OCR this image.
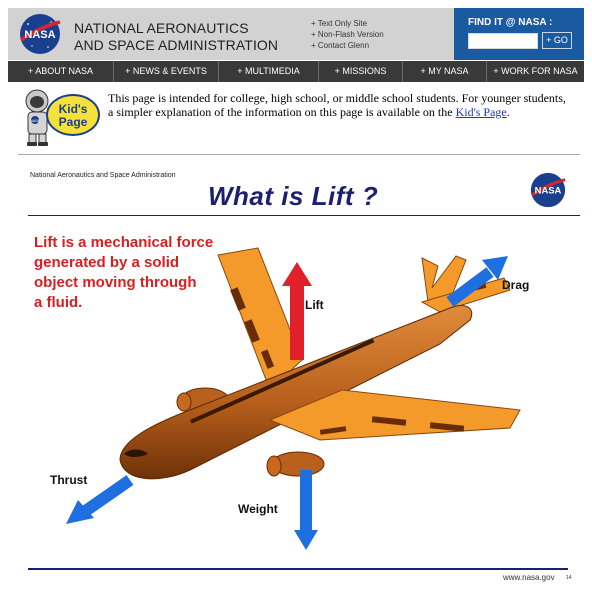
NASA NATIONAL AERONAUTICS
AND SPACE ADMINISTRATION
+ Text Only Site
+ Non-Flash Version
+ Contact Glenn
FIND IT @ NASA :
+ GO
+ ABOUT NASA	+ NEWS & EVENTS	+ MULTIMEDIA	+ MISSIONS	+ MY NASA	+ WORK FOR NASA
NASA
Kid's
Page
This page is intended for college, high school, or middle school students. For younger students, a simpler explanation of the information on this page is available on the Kid's Page.
National Aeronautics and Space Administration
What is Lift ?	NASA
Lift is a mechanical force
generated by a solid
object moving through
a fluid.	Lift
Drag
Thrust
Weight
www.nasa.gov 14
